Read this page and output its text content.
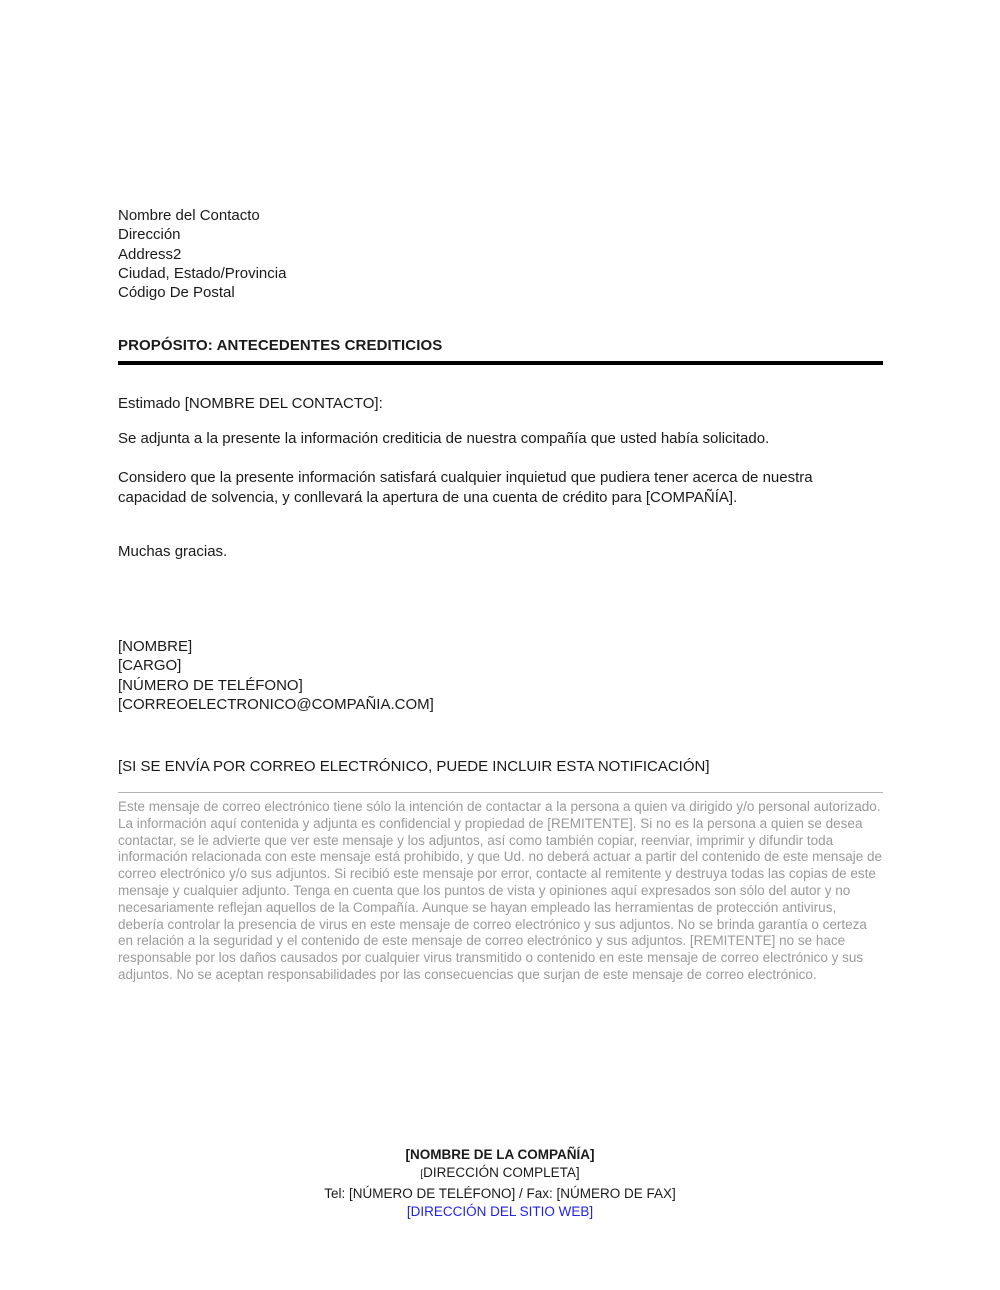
Nombre del Contacto
Dirección
Address2
Ciudad, Estado/Provincia
Código De Postal
PROPÓSITO: ANTECEDENTES CREDITICIOS
Estimado [NOMBRE DEL CONTACTO]:
Se adjunta a la presente la información crediticia de nuestra compañía que usted había solicitado.
Considero que la presente información satisfará cualquier inquietud que pudiera tener acerca de nuestra capacidad de solvencia, y conllevará la apertura de una cuenta de crédito para [COMPAÑÍA].
Muchas gracias.
[NOMBRE]
[CARGO]
[NÚMERO DE TELÉFONO]
[CORREOELECTRONICO@COMPAÑIA.COM]
[SI SE ENVÍA POR CORREO ELECTRÓNICO, PUEDE INCLUIR ESTA NOTIFICACIÓN]
Este mensaje de correo electrónico tiene sólo la intención de contactar a la persona a quien va dirigido y/o personal autorizado. La información aquí contenida y adjunta es confidencial y propiedad de [REMITENTE]. Si no es la persona a quien se desea contactar, se le advierte que ver este mensaje y los adjuntos, así como también copiar, reenviar, imprimir y difundir toda información relacionada con este mensaje está prohibido, y que Ud. no deberá actuar a partir del contenido de este mensaje de correo electrónico y/o sus adjuntos. Si recibió este mensaje por error, contacte al remitente y destruya todas las copias de este mensaje y cualquier adjunto. Tenga en cuenta que los puntos de vista y opiniones aquí expresados son sólo del autor y no necesariamente reflejan aquellos de la Compañía. Aunque se hayan empleado las herramientas de protección antivirus, debería controlar la presencia de virus en este mensaje de correo electrónico y sus adjuntos. No se brinda garantía o certeza en relación a la seguridad y el contenido de este mensaje de correo electrónico y sus adjuntos. [REMITENTE] no se hace responsable por los daños causados por cualquier virus transmitido o contenido en este mensaje de correo electrónico y sus adjuntos. No se aceptan responsabilidades por las consecuencias que surjan de este mensaje de correo electrónico.
[NOMBRE DE LA COMPAÑÍA]
[DIRECCIÓN COMPLETA]
Tel: [NÚMERO DE TELÉFONO] / Fax: [NÚMERO DE FAX]
[DIRECCIÓN DEL SITIO WEB]
